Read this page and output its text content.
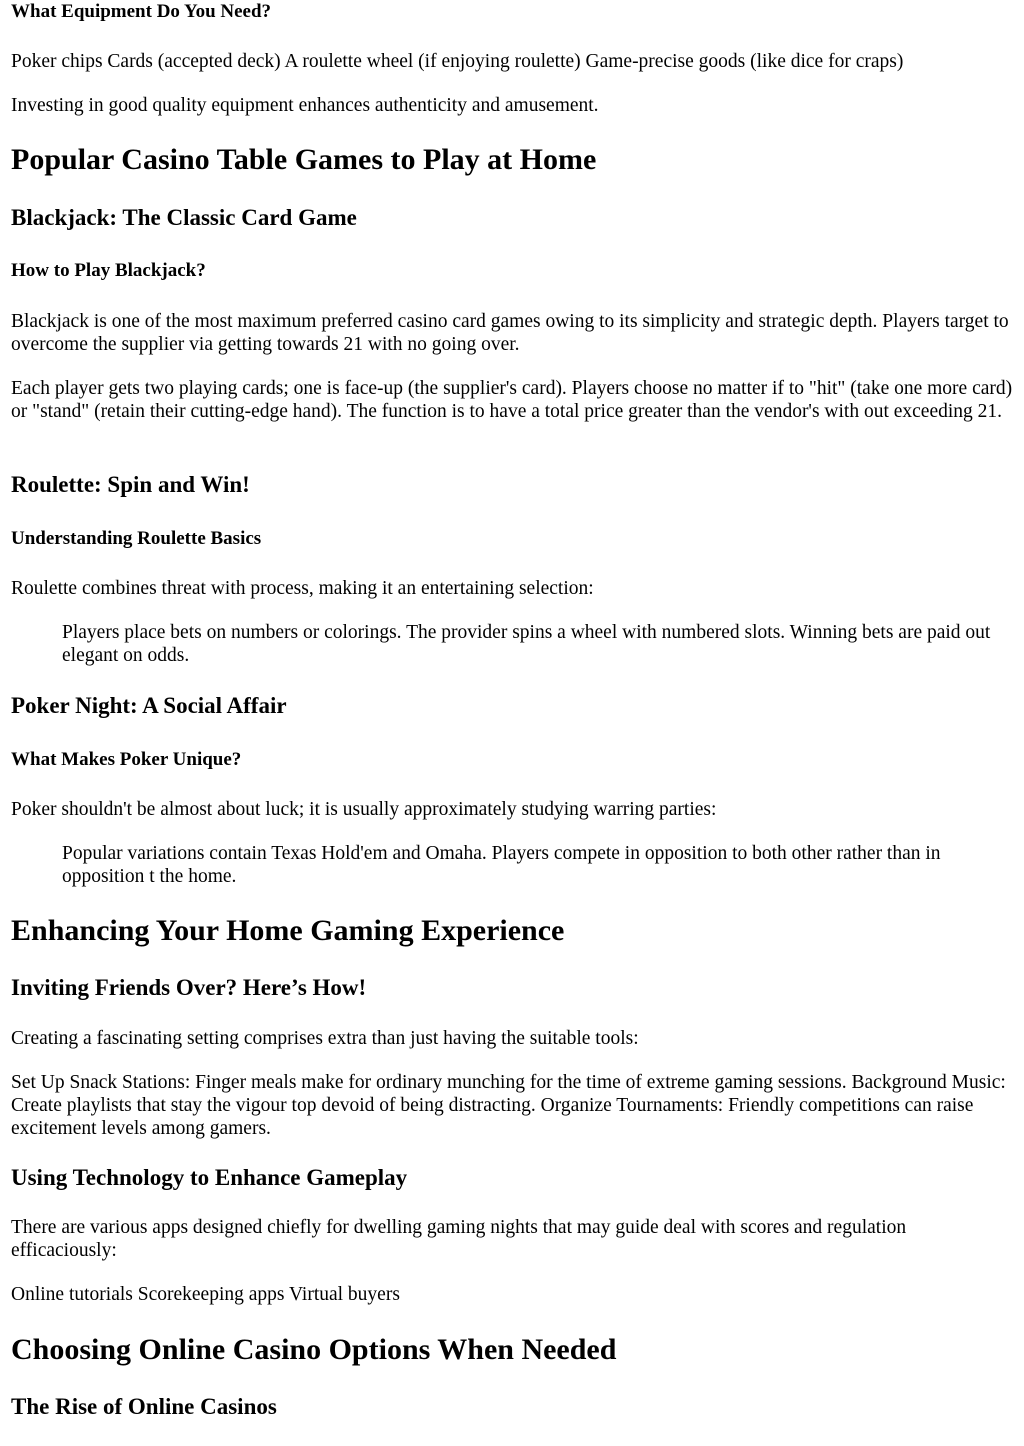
What Equipment Do You Need?

Poker chips Cards (accepted deck) A roulette wheel (if enjoying roulette) Game-precise goods (like dice for craps)

Investing in good quality equipment enhances authenticity and amusement.

Popular Casino Table Games to Play at Home
Blackjack: The Classic Card Game
How to Play Blackjack?

Blackjack is one of the most maximum preferred casino card games owing to its simplicity and strategic depth. Players target to overcome the supplier via getting towards 21 with no going over.

Each player gets two playing cards; one is face-up (the supplier's card). Players choose no matter if to "hit" (take one more card) or "stand" (retain their cutting-edge hand). The function is to have a total price greater than the vendor's with out exceeding 21.

Roulette: Spin and Win!
Understanding Roulette Basics

Roulette combines threat with process, making it an entertaining selection:

Players place bets on numbers or colorings. The provider spins a wheel with numbered slots. Winning bets are paid out elegant on odds.
Poker Night: A Social Affair
What Makes Poker Unique?

Poker shouldn't be almost about luck; it is usually approximately studying warring parties:

Popular variations contain Texas Hold'em and Omaha. Players compete in opposition to both other rather than in opposition t the home.
Enhancing Your Home Gaming Experience
Inviting Friends Over? Here’s How!

Creating a fascinating setting comprises extra than just having the suitable tools:

Set Up Snack Stations: Finger meals make for ordinary munching for the time of extreme gaming sessions. Background Music: Create playlists that stay the vigour top devoid of being distracting. Organize Tournaments: Friendly competitions can raise excitement levels among gamers.

Using Technology to Enhance Gameplay

There are various apps designed chiefly for dwelling gaming nights that may guide deal with scores and regulation efficaciously:

Online tutorials Scorekeeping apps Virtual buyers

Choosing Online Casino Options When Needed
The Rise of Online Casinos
